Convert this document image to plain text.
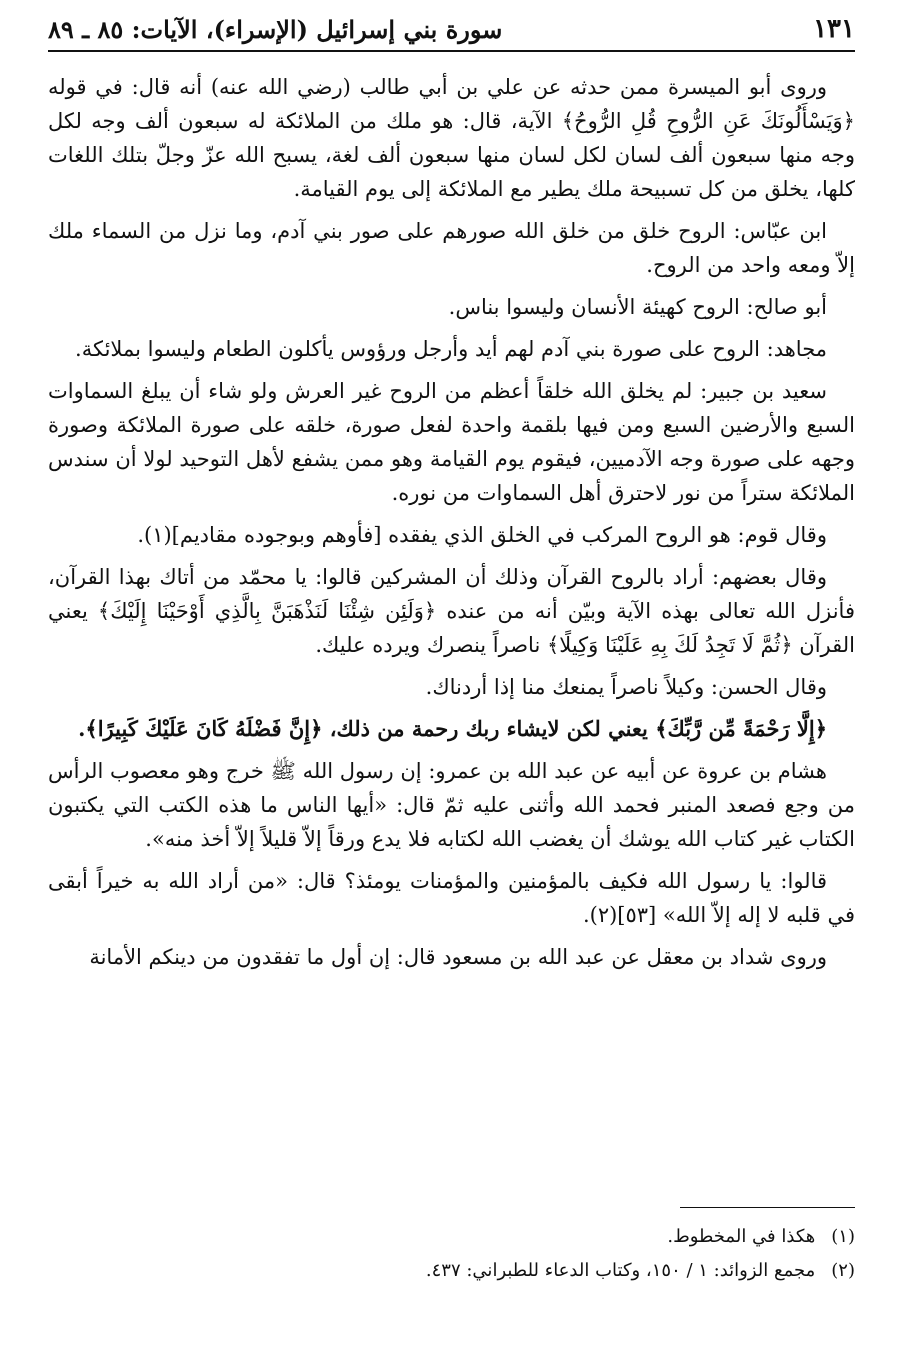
سورة بني إسرائيل (الإسراء)، الآيات: ٨٥ ـ ٨٩	١٣١

وروى أبو الميسرة ممن حدثه عن علي بن أبي طالب (رضي الله عنه) أنه قال: في قوله ﴿وَيَسْأَلُونَكَ عَنِ الرُّوحِ قُلِ الرُّوحُ﴾ الآية، قال: هو ملك من الملائكة له سبعون ألف وجه لكل وجه منها سبعون ألف لسان لكل لسان منها سبعون ألف لغة، يسبح الله عزّ وجلّ بتلك اللغات كلها، يخلق من كل تسبيحة ملك يطير مع الملائكة إلى يوم القيامة.

ابن عبّاس: الروح خلق من خلق الله صورهم على صور بني آدم، وما نزل من السماء ملك إلاّ ومعه واحد من الروح.

أبو صالح: الروح كهيئة الأنسان وليسوا بناس.

مجاهد: الروح على صورة بني آدم لهم أيد وأرجل ورؤوس يأكلون الطعام وليسوا بملائكة.

سعيد بن جبير: لم يخلق الله خلقاً أعظم من الروح غير العرش ولو شاء أن يبلغ السماوات السبع والأرضين السبع ومن فيها بلقمة واحدة لفعل صورة، خلقه على صورة الملائكة وصورة وجهه على صورة وجه الآدميين، فيقوم يوم القيامة وهو ممن يشفع لأهل التوحيد لولا أن سندس الملائكة ستراً من نور لاحترق أهل السماوات من نوره.

وقال قوم: هو الروح المركب في الخلق الذي يفقده [فأوهم وبوجوده مقاديم](١).

وقال بعضهم: أراد بالروح القرآن وذلك أن المشركين قالوا: يا محمّد من أتاك بهذا القرآن، فأنزل الله تعالى بهذه الآية وبيّن أنه من عنده ﴿وَلَئِن شِئْنَا لَنَذْهَبَنَّ بِالَّذِي أَوْحَيْنَا إِلَيْكَ﴾ يعني القرآن ﴿ثُمَّ لَا تَجِدُ لَكَ بِهِ عَلَيْنَا وَكِيلًا﴾ ناصراً ينصرك ويرده عليك.

وقال الحسن: وكيلاً ناصراً يمنعك منا إذا أردناك.

﴿إِلَّا رَحْمَةً مِّن رَّبِّكَ﴾ يعني لكن لايشاء ربك رحمة من ذلك، ﴿إِنَّ فَضْلَهُ كَانَ عَلَيْكَ كَبِيرًا﴾.

هشام بن عروة عن أبيه عن عبد الله بن عمرو: إن رسول الله ﷺ خرج وهو معصوب الرأس من وجع فصعد المنبر فحمد الله وأثنى عليه ثمّ قال: «أيها الناس ما هذه الكتب التي يكتبون الكتاب غير كتاب الله يوشك أن يغضب الله لكتابه فلا يدع ورقاً إلاّ قليلاً إلاّ أخذ منه».

قالوا: يا رسول الله فكيف بالمؤمنين والمؤمنات يومئذ؟ قال: «من أراد الله به خيراً أبقى في قلبه لا إله إلاّ الله» [٥٣](٢).

وروى شداد بن معقل عن عبد الله بن مسعود قال: إن أول ما تفقدون من دينكم الأمانة

(١)
هكذا في المخطوط.
(٢)
مجمع الزوائد: ١ / ١٥٠، وكتاب الدعاء للطبراني: ٤٣٧.
